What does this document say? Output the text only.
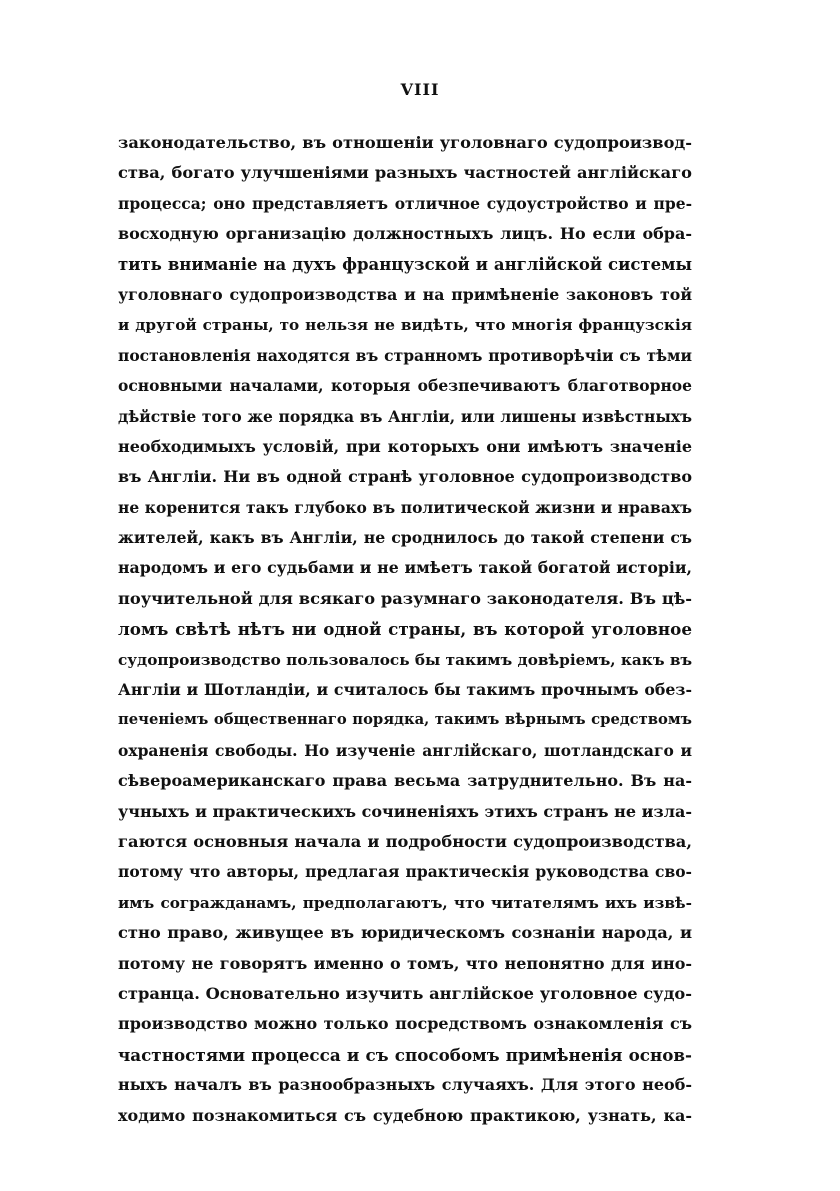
VIII
законодательство, въ отношеніи уголовнаго судопроизвод-
ства, богато улучшеніями разныхъ частностей англійскаго
процесса; оно представляетъ отличное судоустройство и пре-
восходную организацію должностныхъ лицъ. Но если обра-
тить вниманіе на духъ французской и англійской системы
уголовнаго судопроизводства и на примѣненіе законовъ той
и другой страны, то нельзя не видѣть, что многія французскія
постановленія находятся въ странномъ противорѣчіи съ тѣми
основными началами, которыя обезпечиваютъ благотворное
дѣйствіе того же порядка въ Англіи, или лишены извѣстныхъ
необходимыхъ условій, при которыхъ они имѣютъ значеніе
въ Англіи. Ни въ одной странѣ уголовное судопроизводство
не коренится такъ глубоко въ политической жизни и нравахъ
жителей, какъ въ Англіи, не сроднилось до такой степени съ
народомъ и его судьбами и не имѣетъ такой богатой исторіи,
поучительной для всякаго разумнаго законодателя. Въ цѣ-
ломъ свѣтѣ нѣтъ ни одной страны, въ которой уголовное
судопроизводство пользовалось бы такимъ довѣріемъ, какъ въ
Англіи и Шотландіи, и считалось бы такимъ прочнымъ обез-
печеніемъ общественнаго порядка, такимъ вѣрнымъ средствомъ
охраненія свободы. Но изученіе англійскаго, шотландскаго и
сѣвероамериканскаго права весьма затруднительно. Въ на-
учныхъ и практическихъ сочиненіяхъ этихъ странъ не изла-
гаются основныя начала и подробности судопроизводства,
потому что авторы, предлагая практическія руководства сво-
имъ согражданамъ, предполагаютъ, что читателямъ ихъ извѣ-
стно право, живущее въ юридическомъ сознаніи народа, и
потому не говорятъ именно о томъ, что непонятно для ино-
странца. Основательно изучить англійское уголовное судо-
производство можно только посредствомъ ознакомленія съ
частностями процесса и съ способомъ примѣненія основ-
ныхъ началъ въ разнообразныхъ случаяхъ. Для этого необ-
ходимо познакомиться съ судебною практикою, узнать, ка-
